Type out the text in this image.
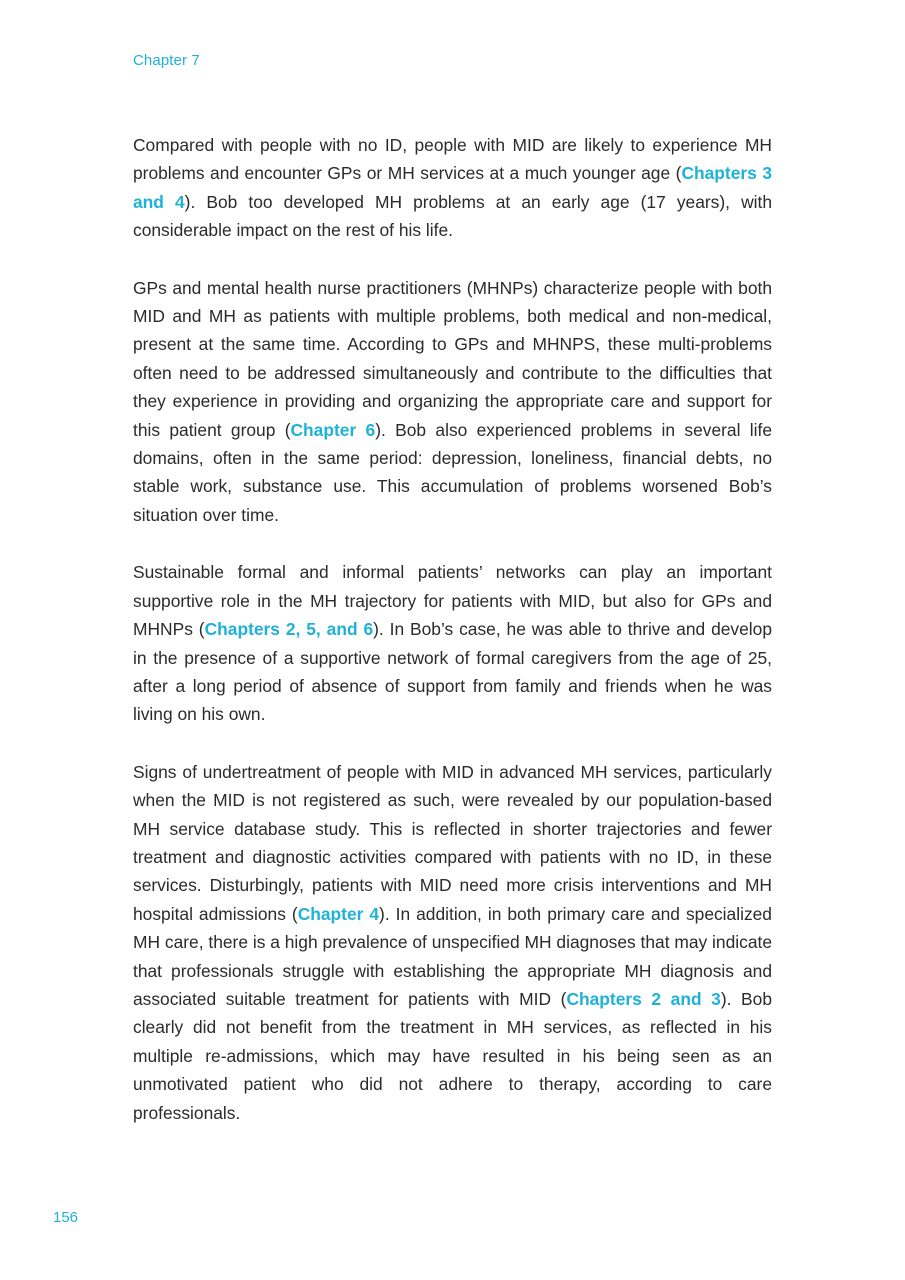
Chapter 7

Compared with people with no ID, people with MID are likely to experience MH problems and encounter GPs or MH services at a much younger age (Chapters 3 and 4). Bob too developed MH problems at an early age (17 years), with considerable impact on the rest of his life.

GPs and mental health nurse practitioners (MHNPs) characterize people with both MID and MH as patients with multiple problems, both medical and non-medical, present at the same time. According to GPs and MHNPS, these multi-problems often need to be addressed simultaneously and contribute to the difficulties that they experience in providing and organizing the appropriate care and support for this patient group (Chapter 6). Bob also experienced problems in several life domains, often in the same period: depression, loneliness, financial debts, no stable work, substance use. This accumulation of problems worsened Bob’s situation over time.

Sustainable formal and informal patients’ networks can play an important supportive role in the MH trajectory for patients with MID, but also for GPs and MHNPs (Chapters 2, 5, and 6). In Bob’s case, he was able to thrive and develop in the presence of a supportive network of formal caregivers from the age of 25, after a long period of absence of support from family and friends when he was living on his own.

Signs of undertreatment of people with MID in advanced MH services, particularly when the MID is not registered as such, were revealed by our population-based MH service database study. This is reflected in shorter trajectories and fewer treatment and diagnostic activities compared with patients with no ID, in these services. Disturbingly, patients with MID need more crisis interventions and MH hospital admissions (Chapter 4). In addition, in both primary care and specialized MH care, there is a high prevalence of unspecified MH diagnoses that may indicate that professionals struggle with establishing the appropriate MH diagnosis and associated suitable treatment for patients with MID (Chapters 2 and 3). Bob clearly did not benefit from the treatment in MH services, as reflected in his multiple re-admissions, which may have resulted in his being seen as an unmotivated patient who did not adhere to therapy, according to care professionals.

156
